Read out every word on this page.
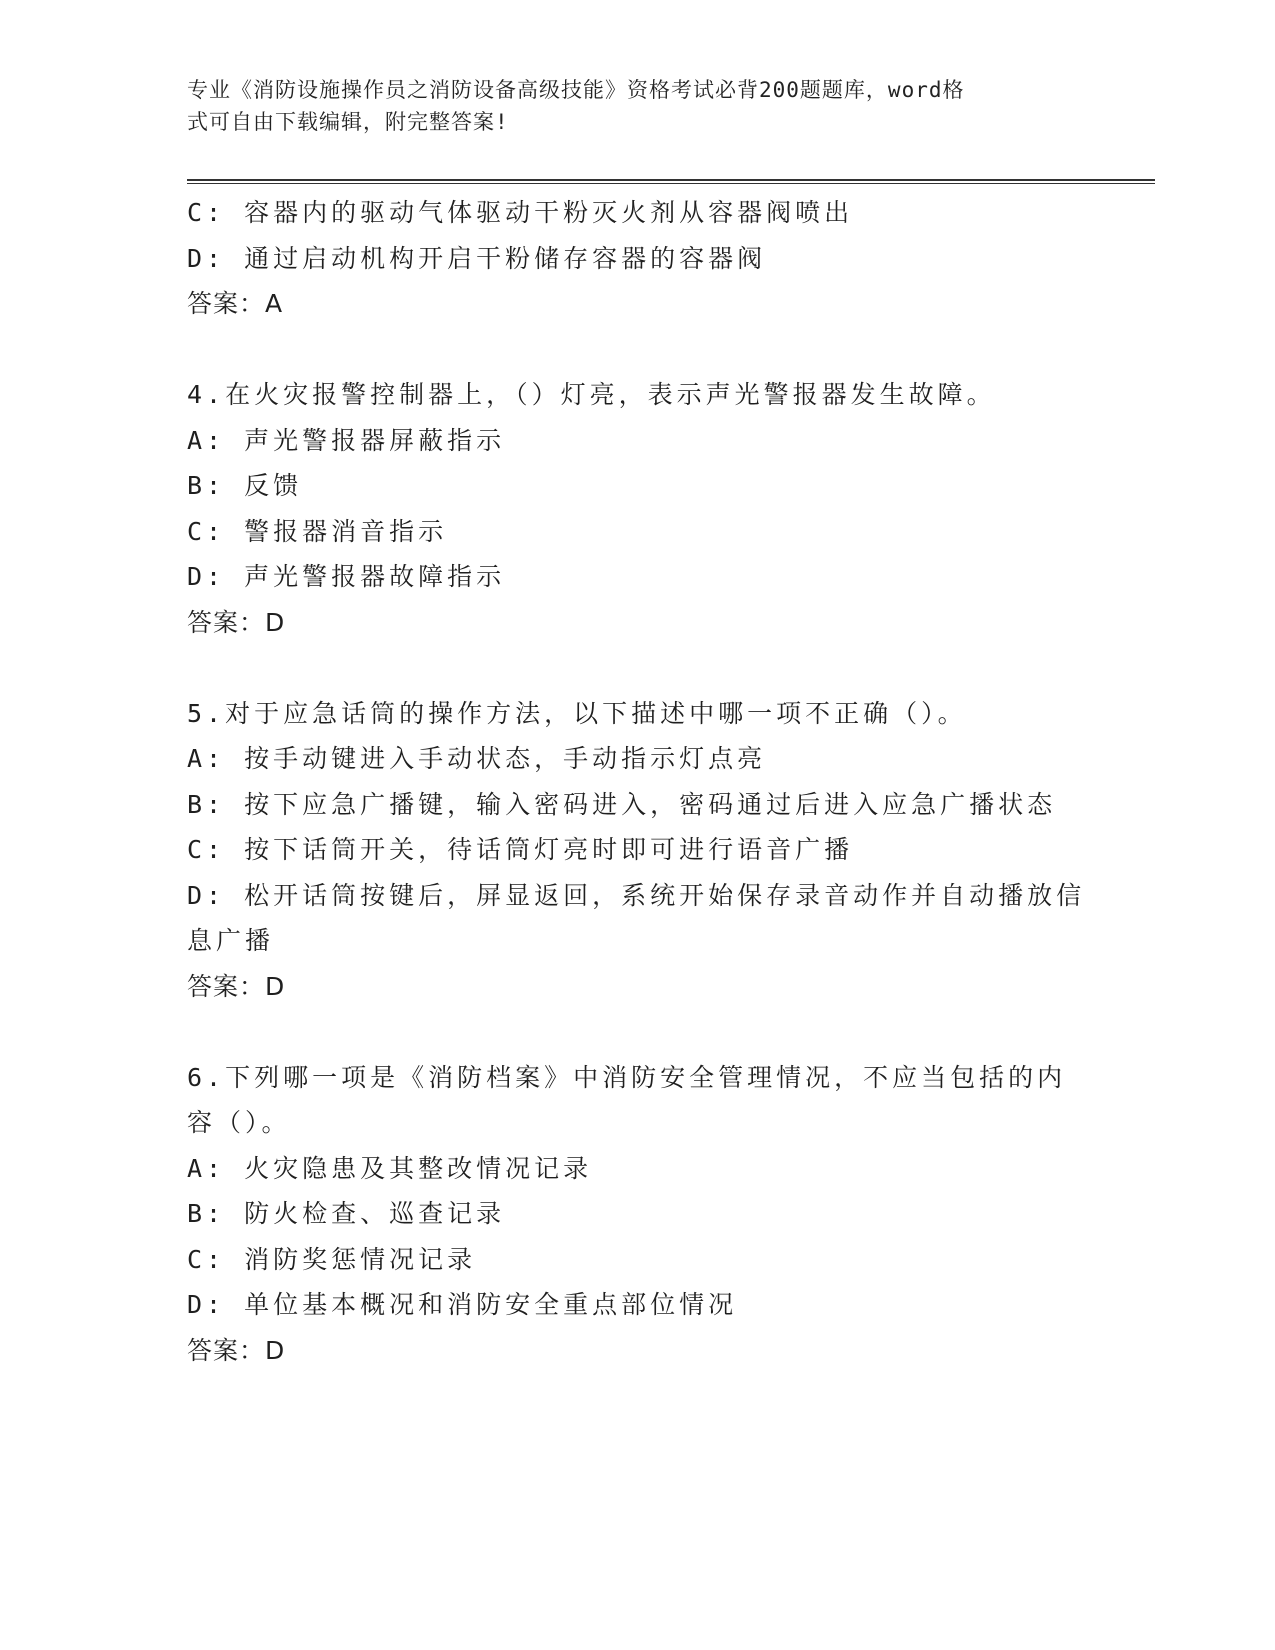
专业《消防设施操作员之消防设备高级技能》资格考试必背200题题库，word格
式可自由下载编辑，附完整答案!
C: 容器内的驱动气体驱动干粉灭火剂从容器阀喷出
D: 通过启动机构开启干粉储存容器的容器阀
答案：A
4.在火灾报警控制器上，（）灯亮，表示声光警报器发生故障。
A: 声光警报器屏蔽指示
B: 反馈
C: 警报器消音指示
D: 声光警报器故障指示
答案：D
5.对于应急话筒的操作方法，以下描述中哪一项不正确（）。
A: 按手动键进入手动状态，手动指示灯点亮
B: 按下应急广播键，输入密码进入，密码通过后进入应急广播状态
C: 按下话筒开关，待话筒灯亮时即可进行语音广播
D: 松开话筒按键后，屏显返回，系统开始保存录音动作并自动播放信
息广播
答案：D
6.下列哪一项是《消防档案》中消防安全管理情况，不应当包括的内
容（）。
A: 火灾隐患及其整改情况记录
B: 防火检查、巡查记录
C: 消防奖惩情况记录
D: 单位基本概况和消防安全重点部位情况
答案：D
